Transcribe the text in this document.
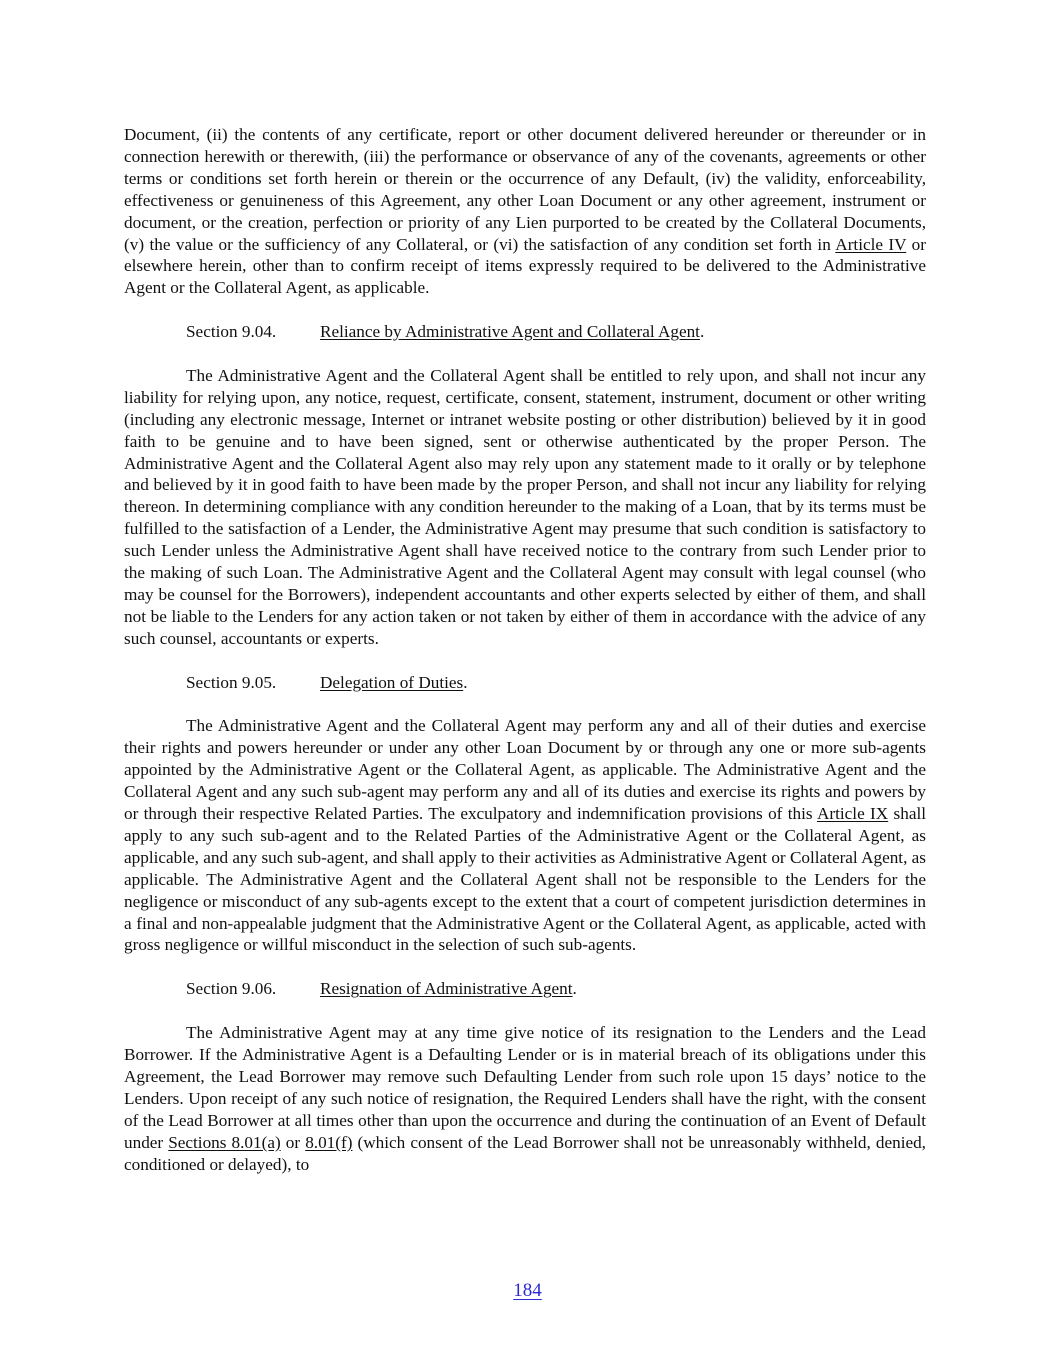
Document, (ii) the contents of any certificate, report or other document delivered hereunder or thereunder or in connection herewith or therewith, (iii) the performance or observance of any of the covenants, agreements or other terms or conditions set forth herein or therein or the occurrence of any Default, (iv) the validity, enforceability, effectiveness or genuineness of this Agreement, any other Loan Document or any other agreement, instrument or document, or the creation, perfection or priority of any Lien purported to be created by the Collateral Documents, (v) the value or the sufficiency of any Collateral, or (vi) the satisfaction of any condition set forth in Article IV or elsewhere herein, other than to confirm receipt of items expressly required to be delivered to the Administrative Agent or the Collateral Agent, as applicable.

Section 9.04.	Reliance by Administrative Agent and Collateral Agent.

The Administrative Agent and the Collateral Agent shall be entitled to rely upon, and shall not incur any liability for relying upon, any notice, request, certificate, consent, statement, instrument, document or other writing (including any electronic message, Internet or intranet website posting or other distribution) believed by it in good faith to be genuine and to have been signed, sent or otherwise authenticated by the proper Person. The Administrative Agent and the Collateral Agent also may rely upon any statement made to it orally or by telephone and believed by it in good faith to have been made by the proper Person, and shall not incur any liability for relying thereon. In determining compliance with any condition hereunder to the making of a Loan, that by its terms must be fulfilled to the satisfaction of a Lender, the Administrative Agent may presume that such condition is satisfactory to such Lender unless the Administrative Agent shall have received notice to the contrary from such Lender prior to the making of such Loan. The Administrative Agent and the Collateral Agent may consult with legal counsel (who may be counsel for the Borrowers), independent accountants and other experts selected by either of them, and shall not be liable to the Lenders for any action taken or not taken by either of them in accordance with the advice of any such counsel, accountants or experts.

Section 9.05.	Delegation of Duties.

The Administrative Agent and the Collateral Agent may perform any and all of their duties and exercise their rights and powers hereunder or under any other Loan Document by or through any one or more sub-agents appointed by the Administrative Agent or the Collateral Agent, as applicable. The Administrative Agent and the Collateral Agent and any such sub-agent may perform any and all of its duties and exercise its rights and powers by or through their respective Related Parties. The exculpatory and indemnification provisions of this Article IX shall apply to any such sub-agent and to the Related Parties of the Administrative Agent or the Collateral Agent, as applicable, and any such sub-agent, and shall apply to their activities as Administrative Agent or Collateral Agent, as applicable. The Administrative Agent and the Collateral Agent shall not be responsible to the Lenders for the negligence or misconduct of any sub-agents except to the extent that a court of competent jurisdiction determines in a final and non-appealable judgment that the Administrative Agent or the Collateral Agent, as applicable, acted with gross negligence or willful misconduct in the selection of such sub-agents.

Section 9.06.	Resignation of Administrative Agent.

The Administrative Agent may at any time give notice of its resignation to the Lenders and the Lead Borrower. If the Administrative Agent is a Defaulting Lender or is in material breach of its obligations under this Agreement, the Lead Borrower may remove such Defaulting Lender from such role upon 15 days’ notice to the Lenders. Upon receipt of any such notice of resignation, the Required Lenders shall have the right, with the consent of the Lead Borrower at all times other than upon the occurrence and during the continuation of an Event of Default under Sections 8.01(a) or 8.01(f) (which consent of the Lead Borrower shall not be unreasonably withheld, denied, conditioned or delayed), to

184
